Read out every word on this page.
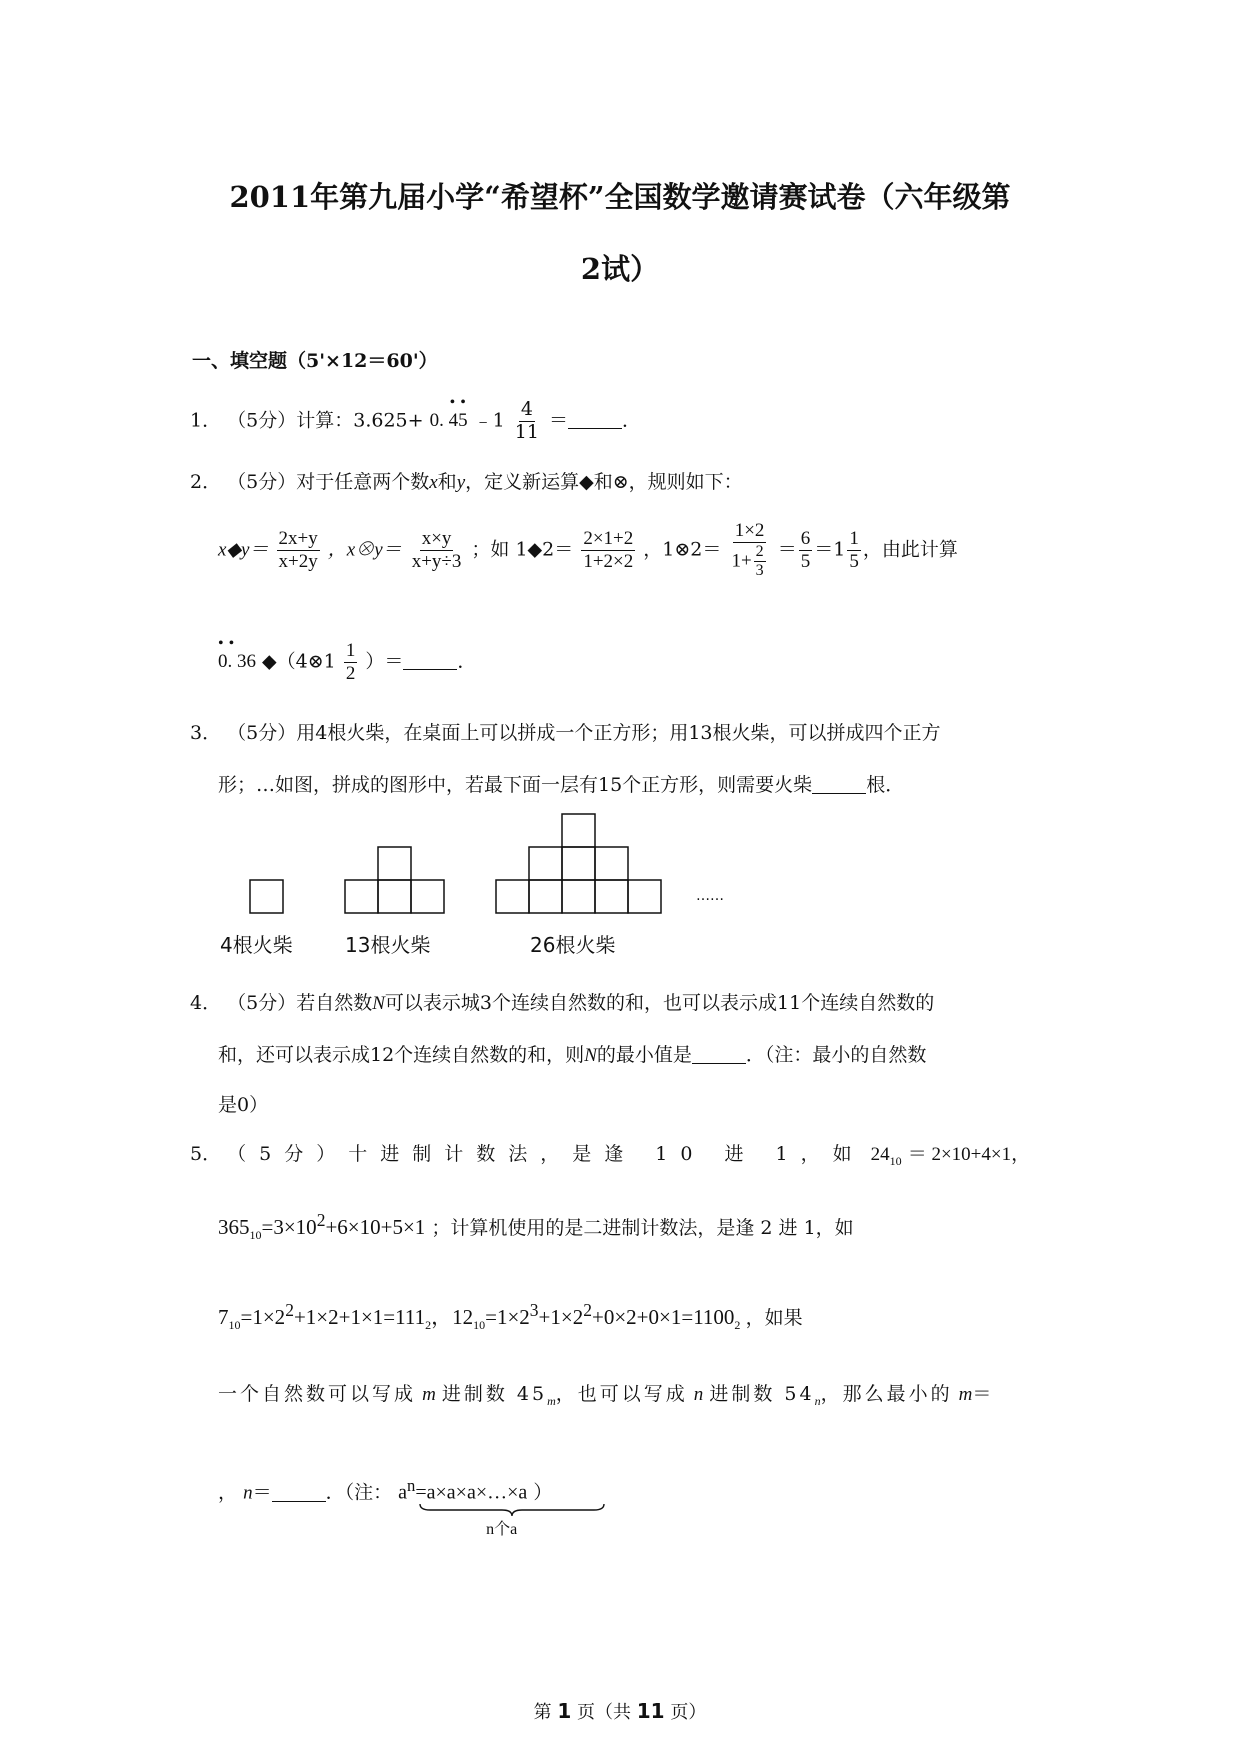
2011年第九届小学“希望杯”全国数学邀请赛试卷（六年级第
2试）
一、填空题（5'×12＝60'）
1． （5分）计算：3.625+
••
0. 45 ﹣1 $\frac{4}{11}$ ＝	．
2． （5分）对于任意两个数x和y，定义新运算◆和⊗，规则如下：
x◆y＝ $\frac{2x+y}{x+2y}$ ，x⊗y＝ $\frac{x\times y}{x+y\div 3}$ ；如 1◆2＝ $\frac{2\times 1+2}{1+2\times 2}$ ，1⊗2＝ $\frac{1\times 2}{1+ \frac{2}{3}} = \frac{6}{5} =1 \frac{1}{5}$ ，由此计算
••
0. 36 ◆（4⊗1 $\frac{1}{2}$ ）＝	．
3． （5分）用4根火柴，在桌面上可以拼成一个正方形；用13根火柴，可以拼成四个正方
形；…如图，拼成的图形中，若最下面一层有15个正方形，则需要火柴	根．
4根火柴	13根火柴	26根火柴
……
4． （5分）若自然数N可以表示城3个连续自然数的和，也可以表示成11个连续自然数的
和，还可以表示成12个连续自然数的和，则N的最小值是	．（注：最小的自然数
是0）
5． （5分）十进制计数法，是逢 10 进 1，如 $24_{10} = 2\times 10+4\times 1$，
$365_{10}=3\times 10^2+6\times 10+5\times 1$ ；计算机使用的是二进制计数法，是逢 2 进 1，如
$7_{10}=1\times 2^2+1\times 2+1\times 1=111_2$，$12_{10}=1\times 2^3+1\times 2^2+0\times 2+0\times 1=1100_2$ ，如果
一个自然数可以写成 m 进制数 $45_m$，也可以写成 n 进制数 $54_n$，那么最小的 m＝
， n＝	．（注： $a^n=a\times a\times a\times\dots\times a$
n个a
）
第 1 页（共 11 页）
